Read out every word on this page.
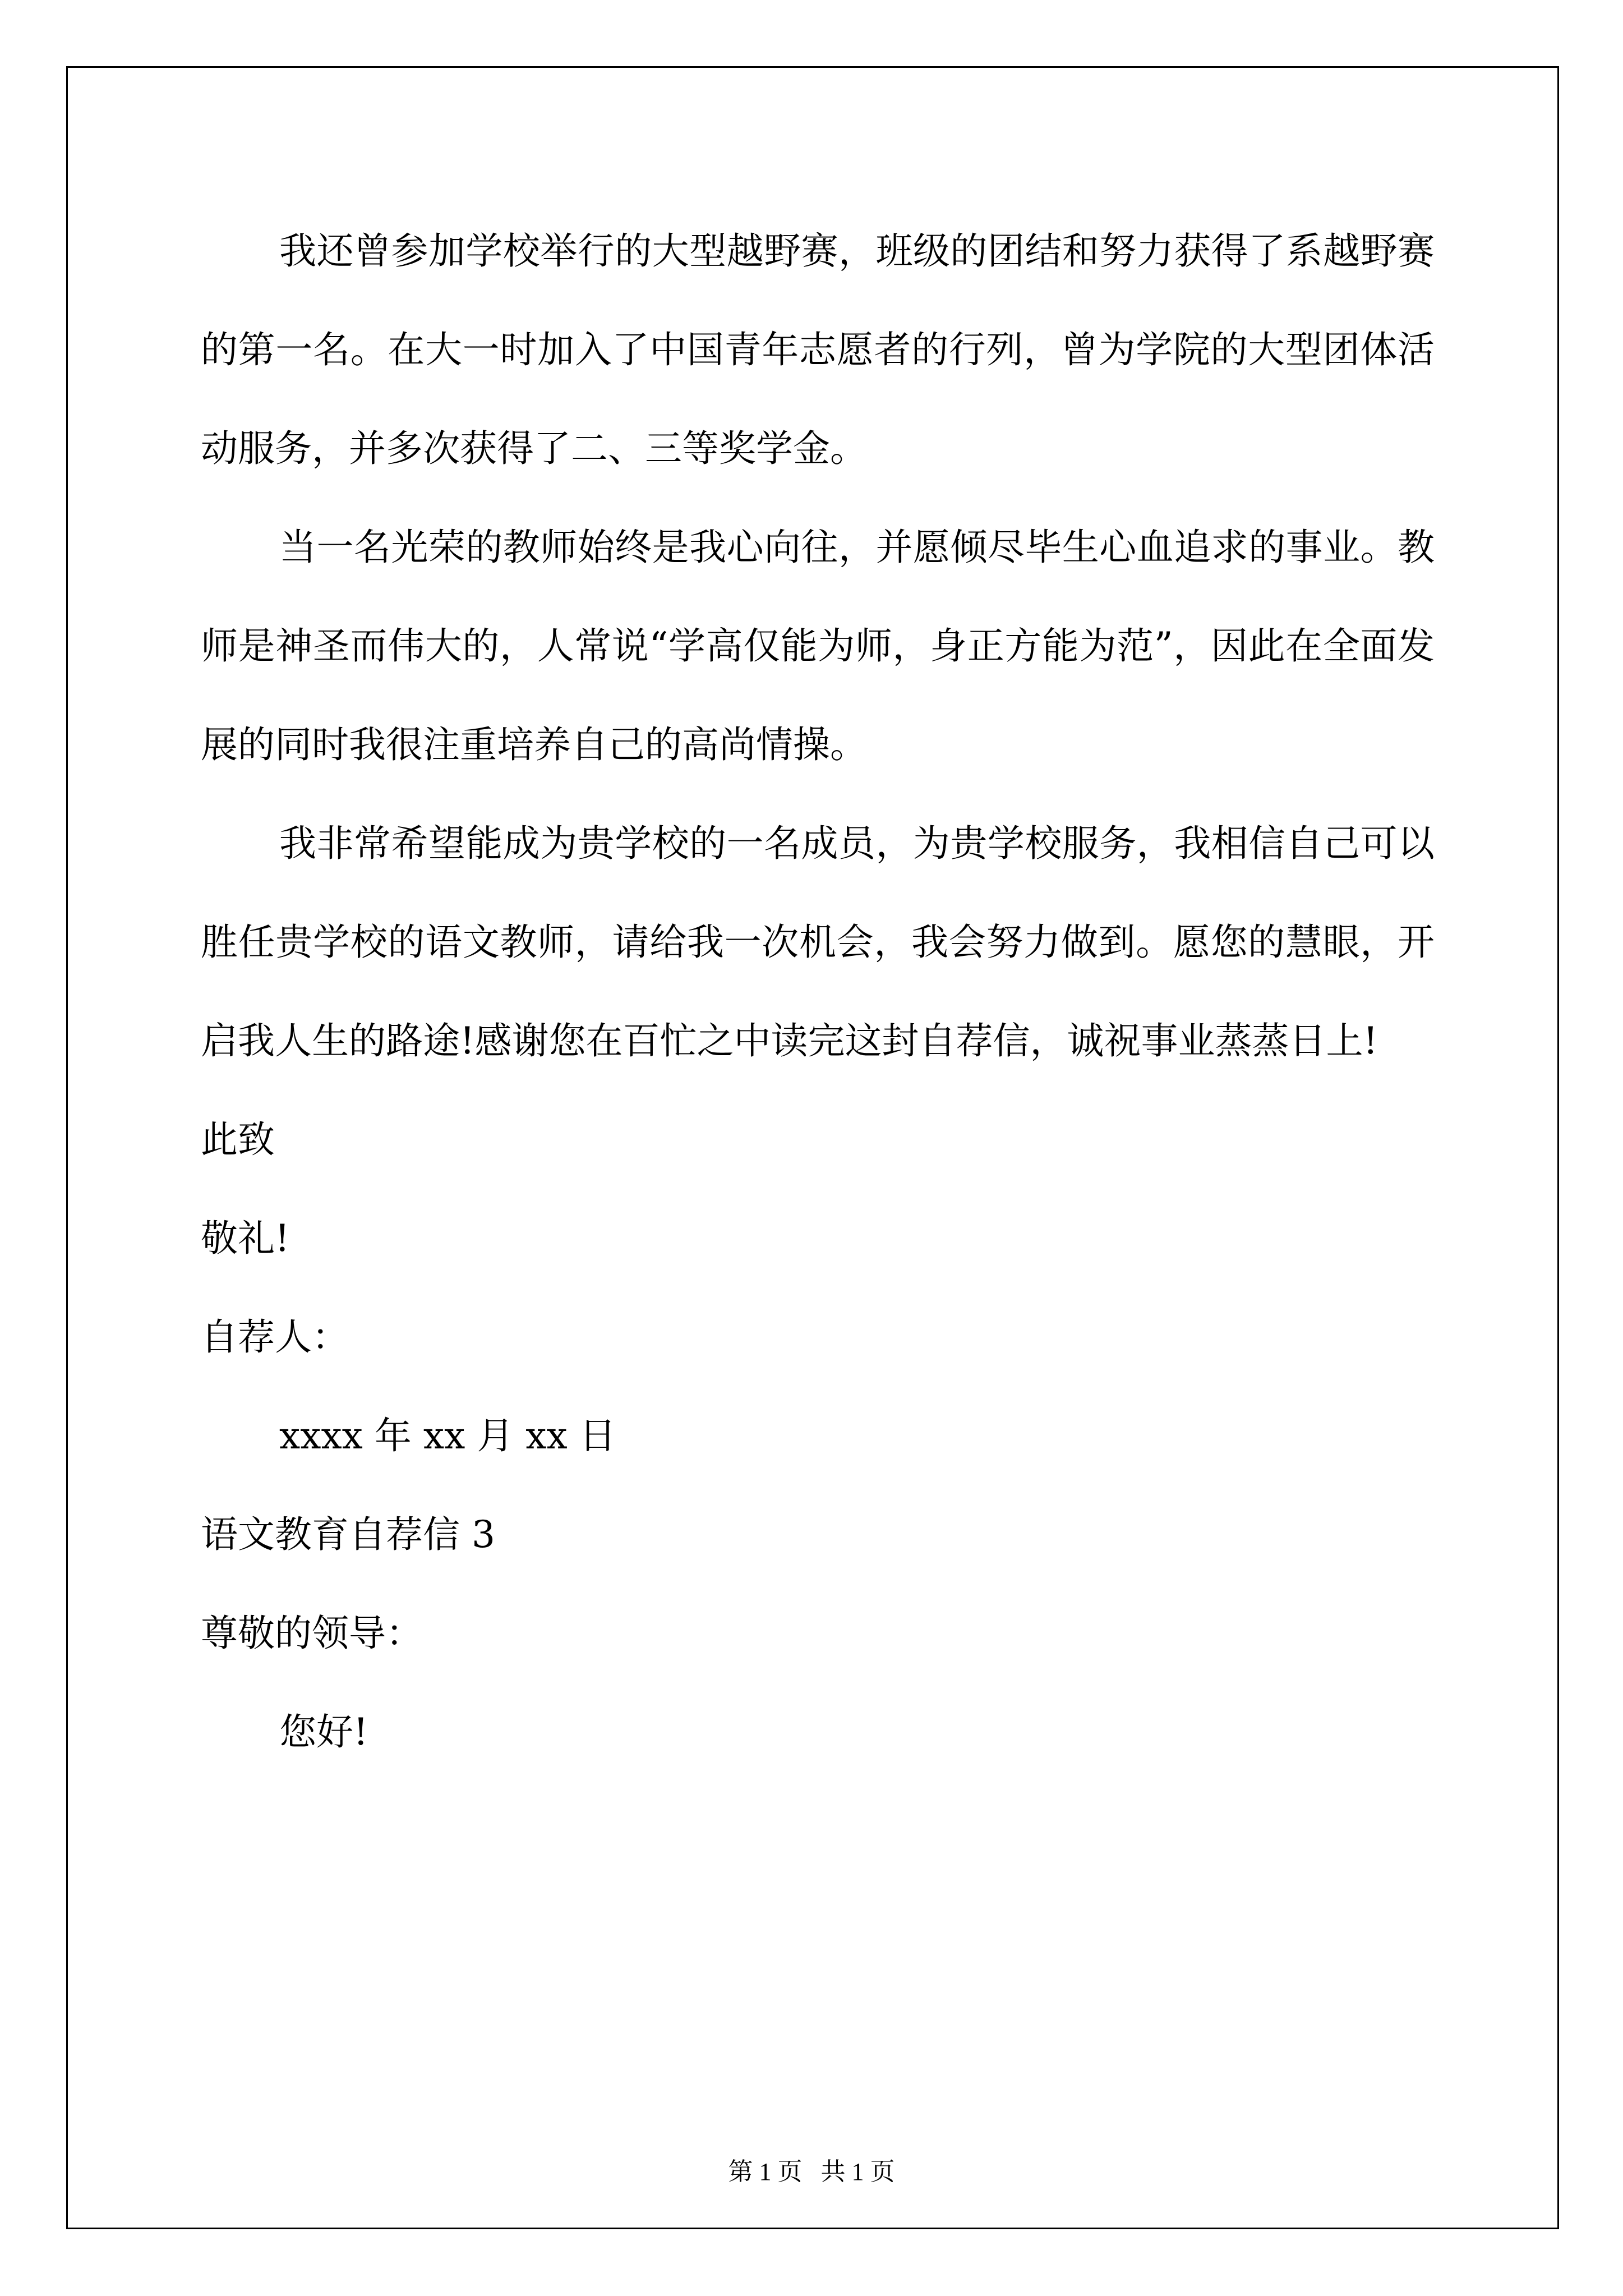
我还曾参加学校举行的大型越野赛，班级的团结和努力获得了系越野赛的第一名。在大一时加入了中国青年志愿者的行列，曾为学院的大型团体活动服务，并多次获得了二、三等奖学金。

当一名光荣的教师始终是我心向往，并愿倾尽毕生心血追求的事业。教师是神圣而伟大的，人常说“学高仅能为师，身正方能为范”，因此在全面发展的同时我很注重培养自己的高尚情操。

我非常希望能成为贵学校的一名成员，为贵学校服务，我相信自己可以胜任贵学校的语文教师，请给我一次机会，我会努力做到。愿您的慧眼，开启我人生的路途!感谢您在百忙之中读完这封自荐信，诚祝事业蒸蒸日上!

此致

敬礼!

自荐人：

xxxx 年 xx 月 xx 日

语文教育自荐信 3

尊敬的领导：

您好!

第 1 页   共 1 页
